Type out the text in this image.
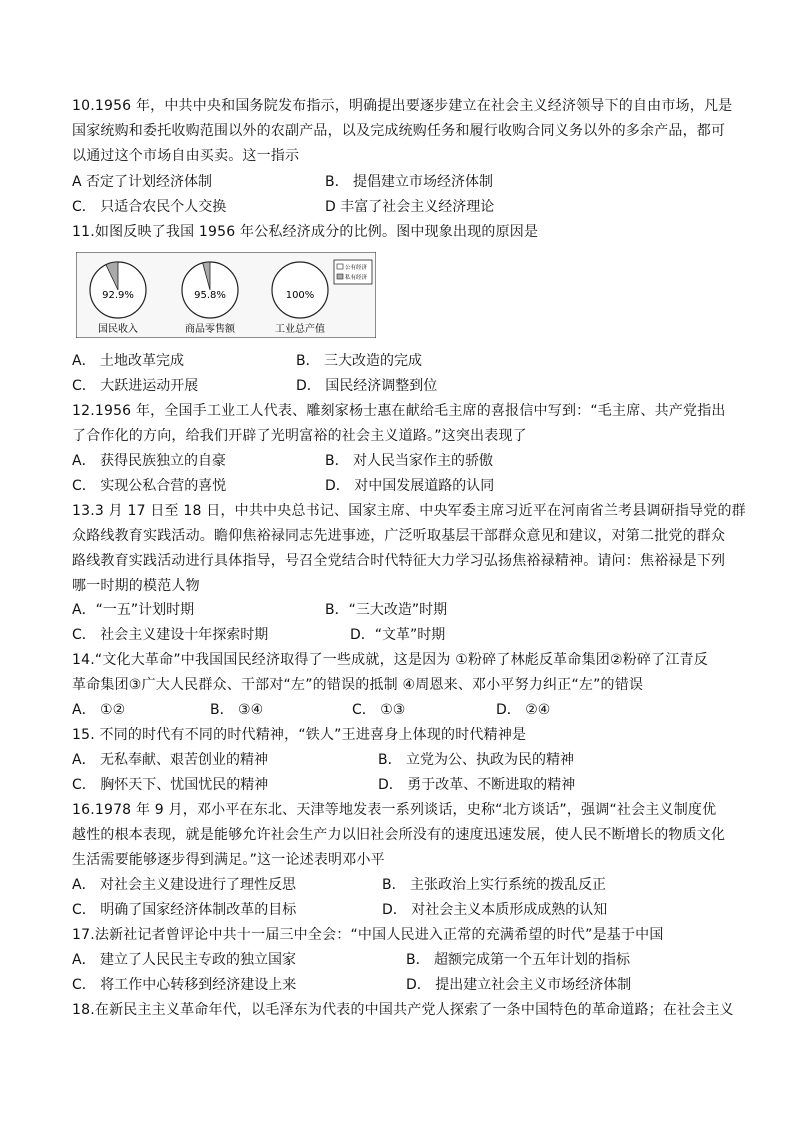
10.1956 年，中共中央和国务院发布指示，明确提出要逐步建立在社会主义经济领导下的自由市场，凡是
国家统购和委托收购范围以外的农副产品，以及完成统购任务和履行收购合同义务以外的多余产品，都可
以通过这个市场自由买卖。这一指示
A 否定了计划经济体制	B． 提倡建立市场经济体制
C． 只适合农民个人交换	D 丰富了社会主义经济理论
11.如图反映了我国 1956 年公私经济成分的比例。图中现象出现的原因是
92.9%
国民收入
95.8%
商品零售额
100%
工业总产值
公有经济
私有经济
A． 土地改革完成	B． 三大改造的完成
C． 大跃进运动开展	D． 国民经济调整到位
12.1956 年，全国手工业工人代表、雕刻家杨士惠在献给毛主席的喜报信中写到：“毛主席、共产党指出
了合作化的方向，给我们开辟了光明富裕的社会主义道路。”这突出表现了
A． 获得民族独立的自豪	B． 对人民当家作主的骄傲
C． 实现公私合营的喜悦	D． 对中国发展道路的认同
13.3 月 17 日至 18 日，中共中央总书记、国家主席、中央军委主席习近平在河南省兰考县调研指导党的群
众路线教育实践活动。瞻仰焦裕禄同志先进事迹，广泛听取基层干部群众意见和建议，对第二批党的群众
路线教育实践活动进行具体指导，号召全党结合时代特征大力学习弘扬焦裕禄精神。请问：焦裕禄是下列
哪一时期的模范人物
A．“一五”计划时期	B．“三大改造”时期
C． 社会主义建设十年探索时期	D．“文革”时期
14.“文化大革命”中我国国民经济取得了一些成就，这是因为 ①粉碎了林彪反革命集团②粉碎了江青反
革命集团③广大人民群众、干部对“左”的错误的抵制 ④周恩来、邓小平努力纠正“左”的错误
A． ①②	B． ③④	C． ①③	D． ②④
15. 不同的时代有不同的时代精神，“铁人”王进喜身上体现的时代精神是
A． 无私奉献、艰苦创业的精神	B． 立党为公、执政为民的精神
C． 胸怀天下、忧国忧民的精神	D． 勇于改革、不断进取的精神
16.1978 年 9 月，邓小平在东北、天津等地发表一系列谈话，史称“北方谈话”，强调“社会主义制度优
越性的根本表现，就是能够允许社会生产力以旧社会所没有的速度迅速发展，使人民不断增长的物质文化
生活需要能够逐步得到满足。”这一论述表明邓小平
A． 对社会主义建设进行了理性反思	B． 主张政治上实行系统的拨乱反正
C． 明确了国家经济体制改革的目标	D． 对社会主义本质形成成熟的认知
17.法新社记者曾评论中共十一届三中全会：“中国人民进入正常的充满希望的时代”是基于中国
A． 建立了人民民主专政的独立国家	B． 超额完成第一个五年计划的指标
C． 将工作中心转移到经济建设上来	D． 提出建立社会主义市场经济体制
18.在新民主主义革命年代，以毛泽东为代表的中国共产党人探索了一条中国特色的革命道路；在社会主义
